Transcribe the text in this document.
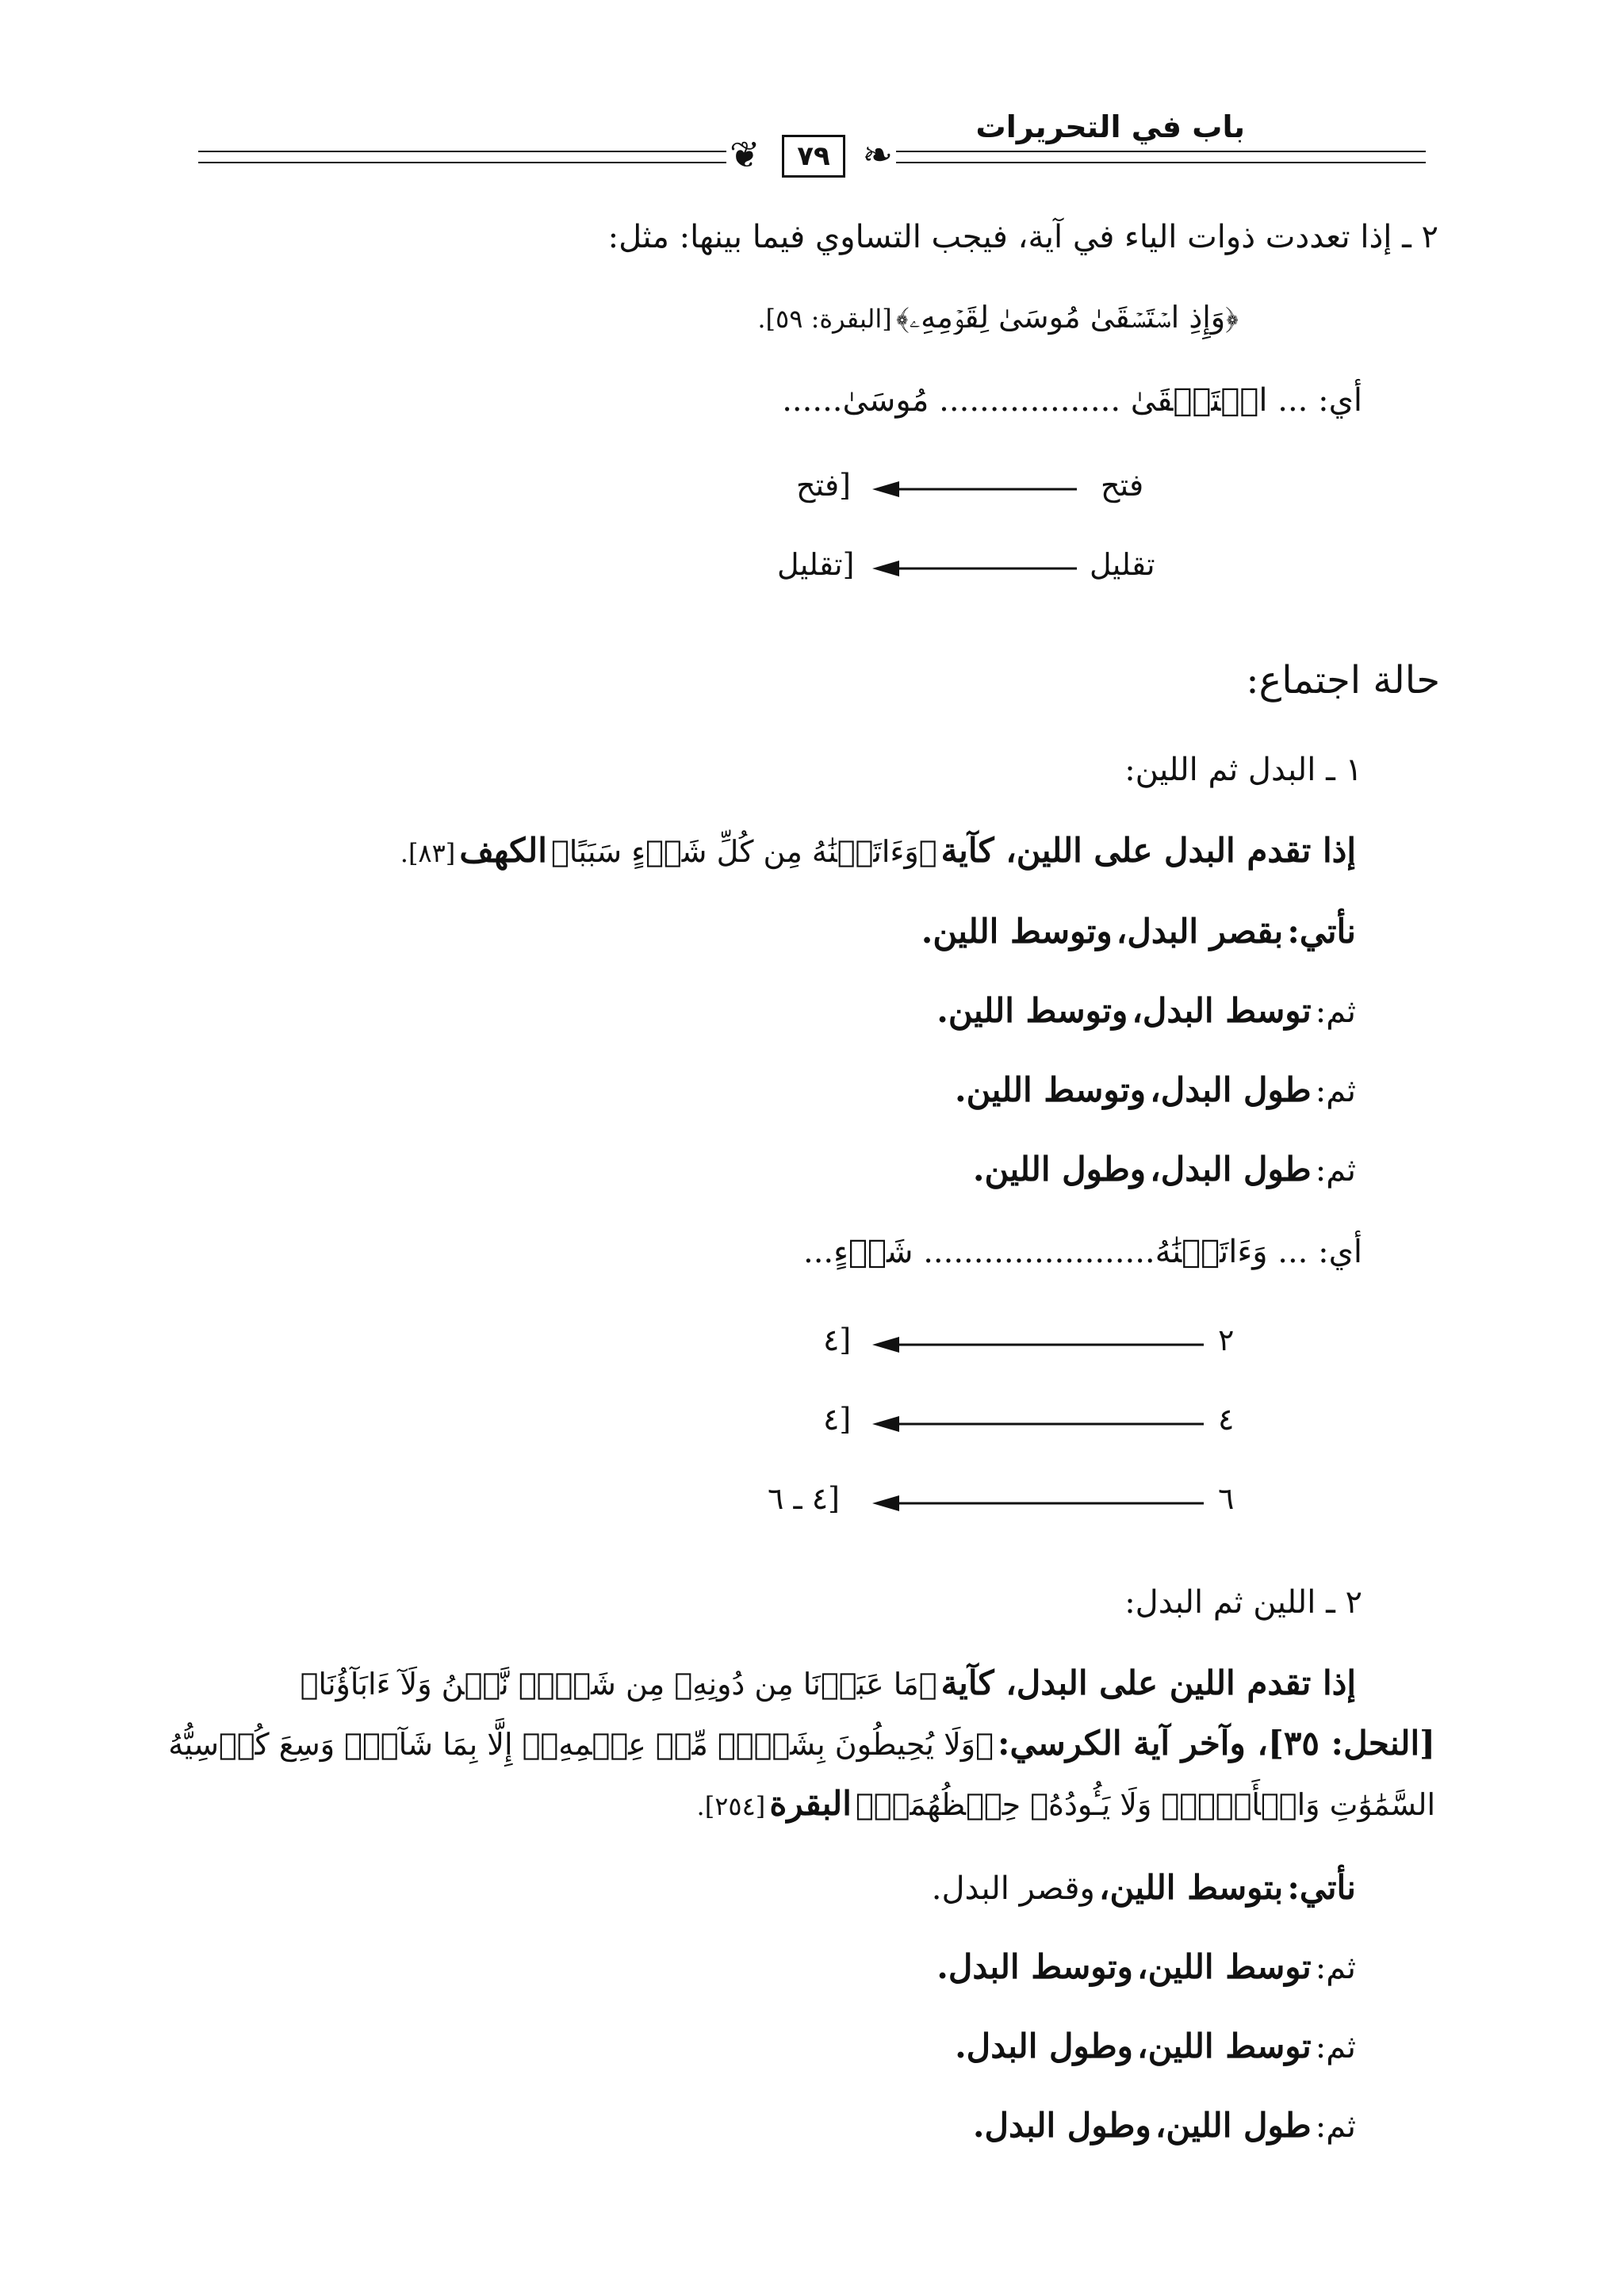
باب في التحريرات
❦	٧٩ ❧
٢ ـ إذا تعددت ذوات الياء في آية، فيجب التساوي فيما بينها: مثل:
﴿وَإِذِ اسۡتَسۡقَىٰ مُوسَىٰ لِقَوۡمِهِۦ﴾ [البقرة: ٥٩].
أي: ... اسۡتَسۡقَىٰ .................. مُوسَىٰ......
فتح
[فتح
تقليل
[تقليل
حالة اجتماع:
١ ـ البدل ثم اللين:
إذا تقدم البدل على اللين، كآية ﴿وَءَاتَيۡنَٰهُ مِن كُلِّ شَيۡءٍ سَبَبًا﴾ الكهف [٨٣].
نأتي: بقصر البدل، وتوسط اللين.
ثم: توسط البدل، وتوسط اللين.
ثم: طول البدل، وتوسط اللين.
ثم: طول البدل، وطول اللين.
أي: ... وَءَاتَيۡنَٰهُ....................... شَيۡءٍ...
٢
[٤
٤
[٤
٦
[٤ ـ ٦
٢ ـ اللين ثم البدل:
إذا تقدم اللين على البدل، كآية ﴿مَا عَبَدۡنَا مِن دُونِهِۦ مِن شَيۡءٖ نَّحۡنُ وَلَآ ءَابَآؤُنَا﴾
[النحل: ٣٥]، وآخر آية الكرسي: ﴿وَلَا يُحِيطُونَ بِشَيۡءٖ مِّنۡ عِلۡمِهِۦٓ إِلَّا بِمَا شَآءَۚ وَسِعَ كُرۡسِيُّهُ
السَّمَٰوَٰتِ وَالۡأَرۡضَۖ وَلَا يَـُٔودُهُۥ حِفۡظُهُمَاۚ﴾ البقرة [٢٥٤].
نأتي: بتوسط اللين، وقصر البدل.
ثم: توسط اللين، وتوسط البدل.
ثم: توسط اللين، وطول البدل.
ثم: طول اللين، وطول البدل.
